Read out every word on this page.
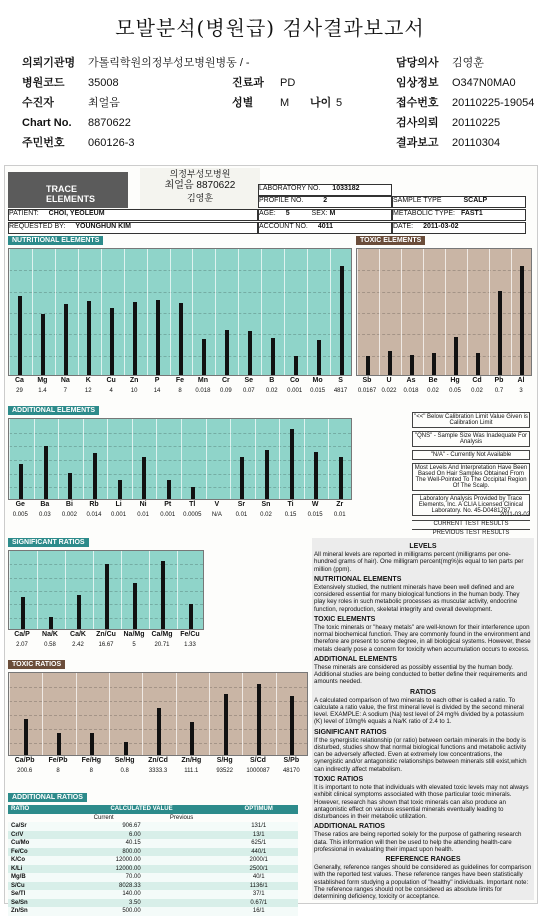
모발분석(병원급) 검사결과보고서
의뢰기관명 가톨릭학원의정부성모병원병동 / -
병원코드 35008
수진자	최얼음
Chart No. 8870622
주민번호 060126-3
진료과 PD
성별 M 나이 5
담당의사 김영훈
임상정보 O347N0MA0
접수번호 20110225-19054
검사의뢰 20110225
결과보고 20110304
TRACE ELEMENTS
의정부성모병원
최얼음 8870622
김영훈
LABORATORY NO. 1033182
PROFILE NO.	2	SAMPLE TYPE	SCALP
PATIENT: CHOI, YEOLEUM	AGE: 5	SEX: M	METABOLIC TYPE: FAST1
REQUESTED BY: YOUNGHUN KIM	ACCOUNT NO. 4011	DATE: 2011-03-02
NUTRITIONAL ELEMENTS
Ca
29
Mg
1.4
Na
7
K
12
Cu
4
Zn
10
P
14
Fe
8
Mn
0.018
Cr
0.09
Se
0.07
B
0.02
Co
0.001
Mo
0.015
S
4817
TOXIC ELEMENTS
Sb
0.0167
U
0.022
As
0.018
Be
0.02
Hg
0.05
Cd
0.02
Pb
0.7
Al
3
ADDITIONAL ELEMENTS
Ge
0.005
Ba
0.03
Bi
0.002
Rb
0.014
Li
0.001
Ni
0.01
Pt
0.001
Tl
0.0005
V
N/A
Sr
0.01
Sn
0.02
Ti
0.15
W
0.015
Zr
0.01
SIGNIFICANT RATIOS
Ca/P
2.07
Na/K
0.58
Ca/K
2.42
Zn/Cu
16.67
Na/Mg
5
Ca/Mg
20.71
Fe/Cu
1.33
TOXIC RATIOS
Ca/Pb
200.6
Fe/Pb
8
Fe/Hg
8
Se/Hg
0.8
Zn/Cd
3333.3
Zn/Hg
111.1
S/Hg
93522
S/Cd
1000087
S/Pb
48170
"<<" Below Calibration Limit Value Given is Calibration Limit
"QNS" - Sample Size Was Inadequate For Analysis
"N/A" - Currently Not Available
Most Levels And Interpretation Have Been Based On Hair Samples Obtained From The Well-Pointed To The Occipital Region Of The Scalp.
Laboratory Analysis Provided by Trace Elements, Inc. A CLIA Licensed Clinical Laboratory. No. 45-D0481787
2011-03-02
CURRENT TEST RESULTS
PREVIOUS TEST RESULTS
LEVELS

All mineral levels are reported in milligrams percent (milligrams per one-hundred grams of hair). One milligram percent(mg%)is equal to ten parts per million (ppm).

NUTRITIONAL ELEMENTS

Extensively studied, the nutrient minerals have been well defined and are considered essential for many biological functions in the human body. They play key roles in such metabolic processes as muscular activity, endocrine function, reproduction, skeletal integrity and overall development.

TOXIC ELEMENTS

The toxic minerals or "heavy metals" are well-known for their interference upon normal biochemical function. They are commonly found in the environment and therefore are present to some degree, in all biological systems. However, these metals clearly pose a concern for toxicity when accumulation occurs to excess.

ADDITIONAL ELEMENTS

These minerals are considered as possibly essential by the human body. Additional studies are being conducted to better define their requirements and amounts needed.

RATIOS

A calculated comparison of two minerals to each other is called a ratio. To calculate a ratio value, the first mineral level is divided by the second mineral level. EXAMPLE: A sodium (Na) test level of 24 mg% divided by a potassium (K) level of 10mg% equals a Na/K ratio of 2.4 to 1.

SIGNIFICANT RATIOS

If the synergistic relationship (or ratio) between certain minerals in the body is disturbed, studies show that normal biological functions and metabolic activity can be adversely affected. Even at extremely low concentrations, the synergistic and/or antagonistic relationships between minerals still exist,which can indirectly affect metabolism.

TOXIC RATIOS

It is important to note that individuals with elevated toxic levels may not always exhibit clinical symptoms associated with those particular toxic minerals. However, research has shown that toxic minerals can also produce an antagonistic effect on various essential minerals eventually leading to disturbances in their metabolic utilization.

ADDITIONAL RATIOS

These ratios are being reported solely for the purpose of gathering research data. This information will then be used to help the attending health-care professional in evaluating their impact upon health.

REFERENCE RANGES

Generally, reference ranges should be considered as guidelines for comparison with the reported test values. These reference ranges have been statistically established form studying a population of "healthy" individuals. Important note: The reference ranges should not be considered as absolute limits for determining deficiency, toxicity or acceptance.

ADDITIONAL RATIOS
RATIO	CALCULATED VALUE		OPTIMUM
	Current	Previous	
Ca/Sr	906.67		131/1
Cr/V	6.00		13/1
Cu/Mo	40.15		625/1
Fe/Co	800.00		440/1
K/Co	12000.00		2000/1
K/Li	12000.00		2500/1
Mg/B	70.00		40/1
S/Cu	8028.33		1136/1
Se/Tl	140.00		37/1
Se/Sn	3.50		0.67/1
Zn/Sn	500.00		16/1
